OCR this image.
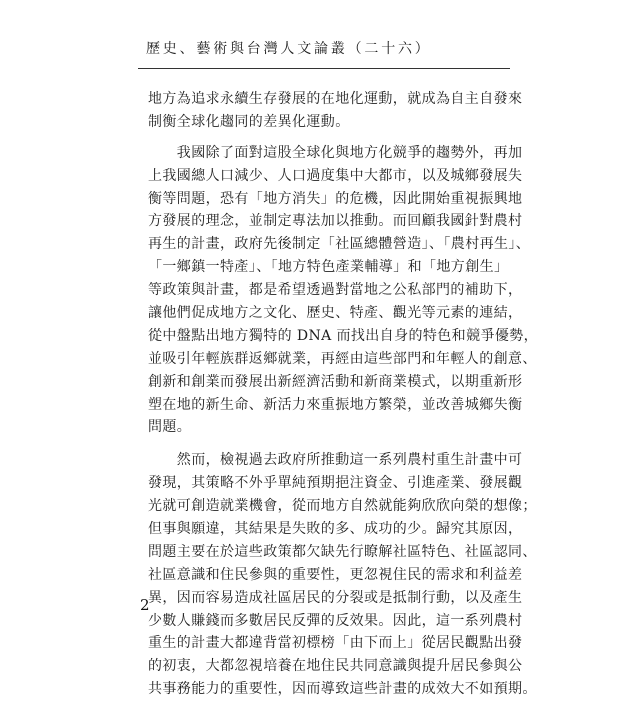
歷史、藝術與台灣人文論叢（二十六）

地方為追求永續生存發展的在地化運動，就成為自主自發來
制衡全球化趨同的差異化運動。

　　我國除了面對這股全球化與地方化競爭的趨勢外，再加
上我國總人口減少、人口過度集中大都市，以及城鄉發展失
衡等問題，恐有「地方消失」的危機，因此開始重視振興地
方發展的理念，並制定專法加以推動。而回顧我國針對農村
再生的計畫，政府先後制定「社區總體營造」、「農村再生」、
「一鄉鎮一特產」、「地方特色產業輔導」和「地方創生」
等政策與計畫，都是希望透過對當地之公私部門的補助下，
讓他們促成地方之文化、歷史、特產、觀光等元素的連結，
從中盤點出地方獨特的 DNA 而找出自身的特色和競爭優勢，
並吸引年輕族群返鄉就業，再經由這些部門和年輕人的創意、
創新和創業而發展出新經濟活動和新商業模式，以期重新形
塑在地的新生命、新活力來重振地方繁榮，並改善城鄉失衡
問題。

　　然而，檢視過去政府所推動這一系列農村重生計畫中可
發現，其策略不外乎單純預期挹注資金、引進產業、發展觀
光就可創造就業機會，從而地方自然就能夠欣欣向榮的想像；
但事與願違，其結果是失敗的多、成功的少。歸究其原因，
問題主要在於這些政策都欠缺先行瞭解社區特色、社區認同、
社區意識和住民參與的重要性，更忽視住民的需求和利益差
異，因而容易造成社區居民的分裂或是抵制行動，以及產生
少數人賺錢而多數居民反彈的反效果。因此，這一系列農村
重生的計畫大都違背當初標榜「由下而上」從居民觀點出發
的初衷，大都忽視培養在地住民共同意識與提升居民參與公
共事務能力的重要性，因而導致這些計畫的成效大不如預期。

2
